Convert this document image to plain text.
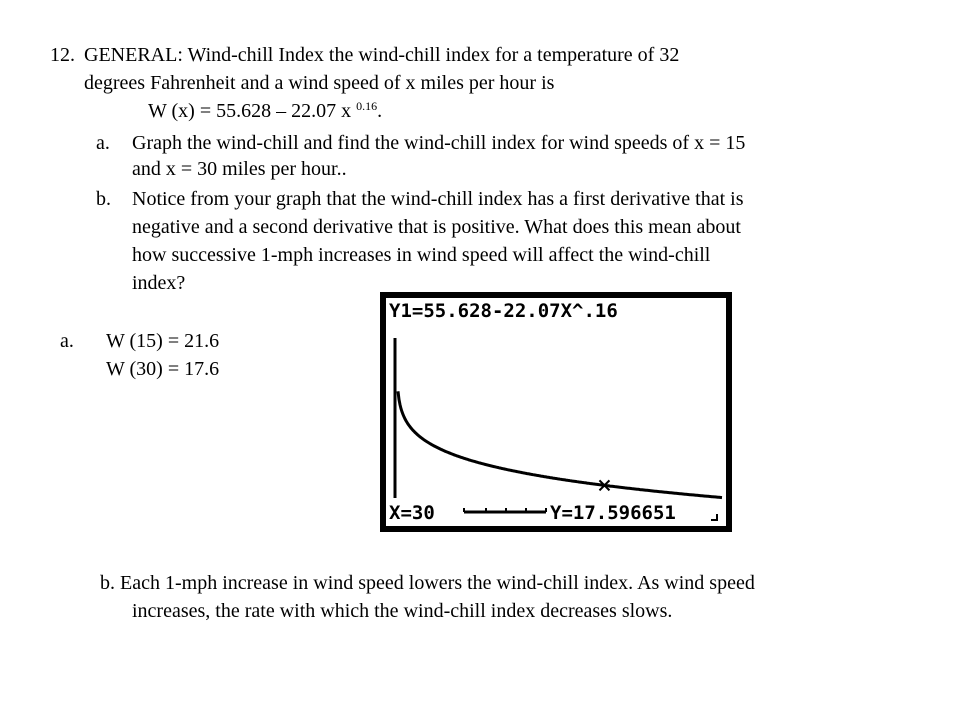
12. GENERAL: Wind-chill Index the wind-chill index for a temperature of 32
degrees Fahrenheit and a wind speed of x miles per hour is
W (x) = 55.628 – 22.07 x $^{0.16}$.
a. Graph the wind-chill and find the wind-chill index for wind speeds of x = 15
and x = 30 miles per hour..
b. Notice from your graph that the wind-chill index has a first derivative that is
negative and a second derivative that is positive. What does this mean about
how successive 1-mph increases in wind speed will affect the wind-chill
index?
a. W (15) = 21.6
W (30) = 17.6
Y1=55.628-22.07X^.16
X=30	Y=17.596651
b. Each 1-mph increase in wind speed lowers the wind-chill index. As wind speed
increases, the rate with which the wind-chill index decreases slows.
